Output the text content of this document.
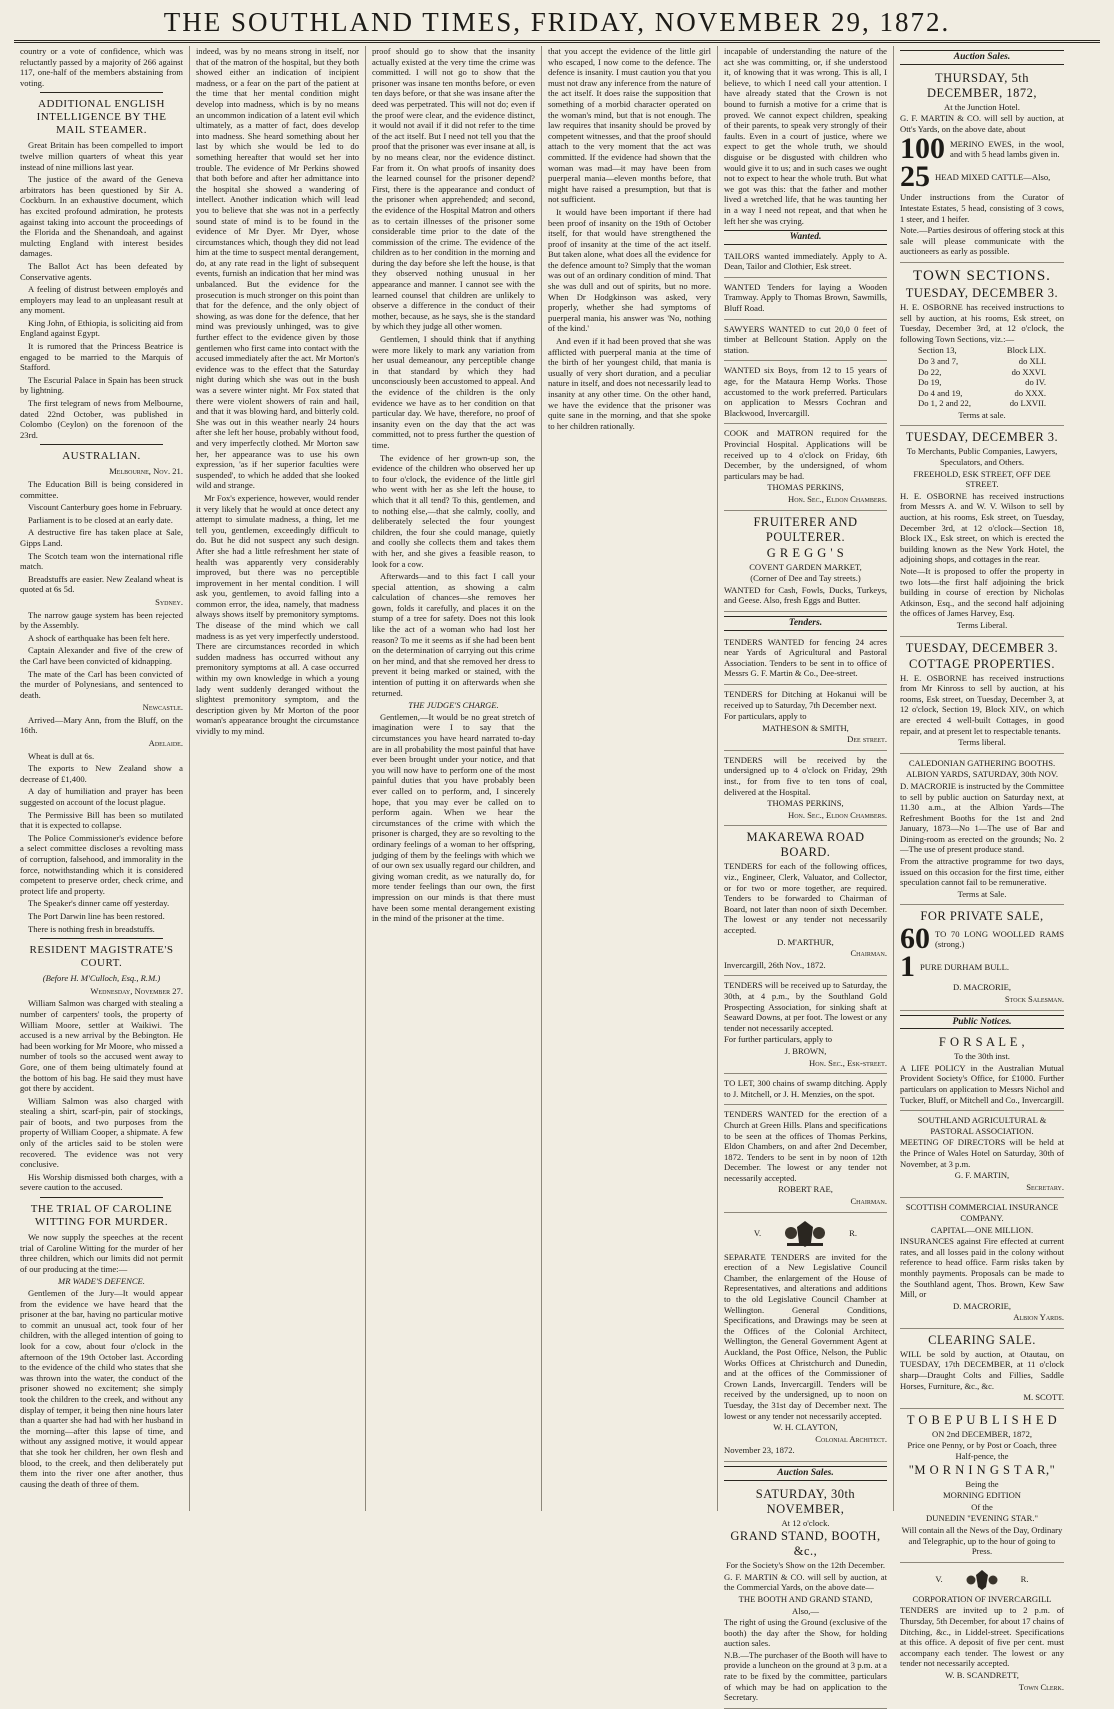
THE SOUTHLAND TIMES, FRIDAY, NOVEMBER 29, 1872.

country or a vote of confidence, which was reluctantly passed by a majority of 266 against 117, one-half of the members abstaining from voting.

ADDITIONAL ENGLISH INTELLIGENCE BY THE MAIL STEAMER.

Great Britain has been compelled to import twelve million quarters of wheat this year instead of nine millions last year.

The justice of the award of the Geneva arbitrators has been questioned by Sir A. Cockburn. In an exhaustive document, which has excited profound admiration, he protests against taking into account the proceedings of the Florida and the Shenandoah, and against mulcting England with interest besides damages.

The Ballot Act has been defeated by Conservative agents.

A feeling of distrust between employés and employers may lead to an unpleasant result at any moment.

King John, of Ethiopia, is soliciting aid from England against Egypt.

It is rumored that the Princess Beatrice is engaged to be married to the Marquis of Stafford.

The Escurial Palace in Spain has been struck by lightning.

The first telegram of news from Melbourne, dated 22nd October, was published in Colombo (Ceylon) on the forenoon of the 23rd.

AUSTRALIAN.
Melbourne, Nov. 21.

The Education Bill is being considered in committee.

Viscount Canterbury goes home in February.

Parliament is to be closed at an early date.

A destructive fire has taken place at Sale, Gipps Land.

The Scotch team won the international rifle match.

Breadstuffs are easier. New Zealand wheat is quoted at 6s 5d.

Sydney.

The narrow gauge system has been rejected by the Assembly.

A shock of earthquake has been felt here.

Captain Alexander and five of the crew of the Carl have been convicted of kidnapping.

The mate of the Carl has been convicted of the murder of Polynesians, and sentenced to death.

Newcastle.

Arrived—Mary Ann, from the Bluff, on the 16th.

Adelaide.

Wheat is dull at 6s.

The exports to New Zealand show a decrease of £1,400.

A day of humiliation and prayer has been suggested on account of the locust plague.

The Permissive Bill has been so mutilated that it is expected to collapse.

The Police Commissioner's evidence before a select committee discloses a revolting mass of corruption, falsehood, and immorality in the force, notwithstanding which it is considered competent to preserve order, check crime, and protect life and property.

The Speaker's dinner came off yesterday.

The Port Darwin line has been restored.

There is nothing fresh in breadstuffs.

RESIDENT MAGISTRATE'S COURT.
(Before H. M'Culloch, Esq., R.M.)
Wednesday, November 27.

William Salmon was charged with stealing a number of carpenters' tools, the property of William Moore, settler at Waikiwi. The accused is a new arrival by the Bebington. He had been working for Mr Moore, who missed a number of tools so the accused went away to Gore, one of them being ultimately found at the bottom of his bag. He said they must have got there by accident.

William Salmon was also charged with stealing a shirt, scarf-pin, pair of stockings, pair of boots, and two purposes from the property of William Cooper, a shipmate. A few only of the articles said to be stolen were recovered. The evidence was not very conclusive.

His Worship dismissed both charges, with a severe caution to the accused.

THE TRIAL OF CAROLINE WITTING FOR MURDER.

We now supply the speeches at the recent trial of Caroline Witting for the murder of her three children, which our limits did not permit of our producing at the time:—

MR WADE'S DEFENCE.

Gentlemen of the Jury—It would appear from the evidence we have heard that the prisoner at the bar, having no particular motive to commit an unusual act, took four of her children, with the alleged intention of going to look for a cow, about four o'clock in the afternoon of the 19th October last. According to the evidence of the child who states that she was thrown into the water, the conduct of the prisoner showed no excitement; she simply took the children to the creek, and without any display of temper, it being then nine hours later than a quarter she had had with her husband in the morning—after this lapse of time, and without any assigned motive, it would appear that she took her children, her own flesh and blood, to the creek, and then deliberately put them into the river one after another, thus causing the death of three of them.

indeed, was by no means strong in itself, nor that of the matron of the hospital, but they both showed either an indication of incipient madness, or a fear on the part of the patient at the time that her mental condition might develop into madness, which is by no means an uncommon indication of a latent evil which ultimately, as a matter of fact, does develop into madness. She heard something about her last by which she would be led to do something hereafter that would set her into trouble. The evidence of Mr Perkins showed that both before and after her admittance into the hospital she showed a wandering of intellect. Another indication which will lead you to believe that she was not in a perfectly sound state of mind is to be found in the evidence of Mr Dyer. Mr Dyer, whose circumstances which, though they did not lead him at the time to suspect mental derangement, do, at any rate read in the light of subsequent events, furnish an indication that her mind was unbalanced. But the evidence for the prosecution is much stronger on this point than that for the defence, and the only object of showing, as was done for the defence, that her mind was previously unhinged, was to give further effect to the evidence given by those gentlemen who first came into contact with the accused immediately after the act. Mr Morton's evidence was to the effect that the Saturday night during which she was out in the bush was a severe winter night. Mr Fox stated that there were violent showers of rain and hail, and that it was blowing hard, and bitterly cold. She was out in this weather nearly 24 hours after she left her house, probably without food, and very imperfectly clothed. Mr Morton saw her, her appearance was to use his own expression, 'as if her superior faculties were suspended', to which he added that she looked wild and strange.

Mr Fox's experience, however, would render it very likely that he would at once detect any attempt to simulate madness, a thing, let me tell you, gentlemen, exceedingly difficult to do. But he did not suspect any such design. After she had a little refreshment her state of health was apparently very considerably improved, but there was no perceptible improvement in her mental condition. I will ask you, gentlemen, to avoid falling into a common error, the idea, namely, that madness always shows itself by premonitory symptoms. The disease of the mind which we call madness is as yet very imperfectly understood. There are circumstances recorded in which sudden madness has occurred without any premonitory symptoms at all. A case occurred within my own knowledge in which a young lady went suddenly deranged without the slightest premonitory symptom, and the description given by Mr Morton of the poor woman's appearance brought the circumstance vividly to my mind.

proof should go to show that the insanity actually existed at the very time the crime was committed. I will not go to show that the prisoner was insane ten months before, or even ten days before, or that she was insane after the deed was perpetrated. This will not do; even if the proof were clear, and the evidence distinct, it would not avail if it did not refer to the time of the act itself. But I need not tell you that the proof that the prisoner was ever insane at all, is by no means clear, nor the evidence distinct. Far from it. On what proofs of insanity does the learned counsel for the prisoner depend? First, there is the appearance and conduct of the prisoner when apprehended; and second, the evidence of the Hospital Matron and others as to certain illnesses of the prisoner some considerable time prior to the date of the commission of the crime. The evidence of the children as to her condition in the morning and during the day before she left the house, is that they observed nothing unusual in her appearance and manner. I cannot see with the learned counsel that children are unlikely to observe a difference in the conduct of their mother, because, as he says, she is the standard by which they judge all other women.

Gentlemen, I should think that if anything were more likely to mark any variation from her usual demeanour, any perceptible change in that standard by which they had unconsciously been accustomed to appeal. And the evidence of the children is the only evidence we have as to her condition on that particular day. We have, therefore, no proof of insanity even on the day that the act was committed, not to press further the question of time.

The evidence of her grown-up son, the evidence of the children who observed her up to four o'clock, the evidence of the little girl who went with her as she left the house, to which that it all tend? To this, gentlemen, and to nothing else,—that she calmly, coolly, and deliberately selected the four youngest children, the four she could manage, quietly and coolly she collects them and takes them with her, and she gives a feasible reason, to look for a cow.

Afterwards—and to this fact I call your special attention, as showing a calm calculation of chances—she removes her gown, folds it carefully, and places it on the stump of a tree for safety. Does not this look like the act of a woman who had lost her reason? To me it seems as if she had been bent on the determination of carrying out this crime on her mind, and that she removed her dress to prevent it being marked or stained, with the intention of putting it on afterwards when she returned.

THE JUDGE'S CHARGE.

Gentlemen,—It would be no great stretch of imagination were I to say that the circumstances you have heard narrated to-day are in all probability the most painful that have ever been brought under your notice, and that you will now have to perform one of the most painful duties that you have probably been ever called on to perform, and, I sincerely hope, that you may ever be called on to perform again. When we hear the circumstances of the crime with which the prisoner is charged, they are so revolting to the ordinary feelings of a woman to her offspring, judging of them by the feelings with which we of our own sex usually regard our children, and giving woman credit, as we naturally do, for more tender feelings than our own, the first impression on our minds is that there must have been some mental derangement existing in the mind of the prisoner at the time.

that you accept the evidence of the little girl who escaped, I now come to the defence. The defence is insanity. I must caution you that you must not draw any inference from the nature of the act itself. It does raise the supposition that something of a morbid character operated on the woman's mind, but that is not enough. The law requires that insanity should be proved by competent witnesses, and that the proof should attach to the very moment that the act was committed. If the evidence had shown that the woman was mad—it may have been from puerperal mania—eleven months before, that might have raised a presumption, but that is not sufficient.

It would have been important if there had been proof of insanity on the 19th of October itself, for that would have strengthened the proof of insanity at the time of the act itself. But taken alone, what does all the evidence for the defence amount to? Simply that the woman was out of an ordinary condition of mind. That she was dull and out of spirits, but no more. When Dr Hodgkinson was asked, very properly, whether she had symptoms of puerperal mania, his answer was 'No, nothing of the kind.'

And even if it had been proved that she was afflicted with puerperal mania at the time of the birth of her youngest child, that mania is usually of very short duration, and a peculiar nature in itself, and does not necessarily lead to insanity at any other time. On the other hand, we have the evidence that the prisoner was quite sane in the morning, and that she spoke to her children rationally.

incapable of understanding the nature of the act she was committing, or, if she understood it, of knowing that it was wrong. This is all, I believe, to which I need call your attention. I have already stated that the Crown is not bound to furnish a motive for a crime that is proved. We cannot expect children, speaking of their parents, to speak very strongly of their faults. Even in a court of justice, where we expect to get the whole truth, we should disguise or be disgusted with children who would give it to us; and in such cases we ought not to expect to hear the whole truth. But what we got was this: that the father and mother lived a wretched life, that he was taunting her in a way I need not repeat, and that when he left her she was crying.

Wanted.

TAILORS wanted immediately. Apply to A. Dean, Tailor and Clothier, Esk street.

WANTED Tenders for laying a Wooden Tramway. Apply to Thomas Brown, Sawmills, Bluff Road.

SAWYERS WANTED to cut 20,0 0 feet of timber at Bellcount Station. Apply on the station.

WANTED six Boys, from 12 to 15 years of age, for the Mataura Hemp Works. Those accustomed to the work preferred. Particulars on application to Messrs Cochran and Blackwood, Invercargill.

COOK and MATRON required for the Provincial Hospital. Applications will be received up to 4 o'clock on Friday, 6th December, by the undersigned, of whom particulars may be had.

THOMAS PERKINS,

Hon. Sec., Eldon Chambers.

FRUITERER AND POULTERER.

G R E G G ' S

COVENT GARDEN MARKET,

(Corner of Dee and Tay streets.)

WANTED for Cash, Fowls, Ducks, Turkeys, and Geese. Also, fresh Eggs and Butter.

Tenders.

TENDERS WANTED for fencing 24 acres near Yards of Agricultural and Pastoral Association. Tenders to be sent in to office of Messrs G. F. Martin & Co., Dee-street.

TENDERS for Ditching at Hokanui will be received up to Saturday, 7th December next.

For particulars, apply to

MATHESON & SMITH,

Dee street.

TENDERS will be received by the undersigned up to 4 o'clock on Friday, 29th inst., for from five to ten tons of coal, delivered at the Hospital.

THOMAS PERKINS,

Hon. Sec., Eldon Chambers.

MAKAREWA ROAD BOARD.

TENDERS for each of the following offices, viz., Engineer, Clerk, Valuator, and Collector, or for two or more together, are required. Tenders to be forwarded to Chairman of Board, not later than noon of sixth December. The lowest or any tender not necessarily accepted.

D. M'ARTHUR,

Chairman.

Invercargill, 26th Nov., 1872.

TENDERS will be received up to Saturday, the 30th, at 4 p.m., by the Southland Gold Prospecting Association, for sinking shaft at Seaward Downs, at per foot. The lowest or any tender not necessarily accepted.

For further particulars, apply to

J. BROWN,

Hon. Sec., Esk-street.

TO LET, 300 chains of swamp ditching. Apply to J. Mitchell, or J. H. Menzies, on the spot.

TENDERS WANTED for the erection of a Church at Green Hills. Plans and specifications to be seen at the offices of Thomas Perkins, Eldon Chambers, on and after 2nd December, 1872. Tenders to be sent in by noon of 12th December. The lowest or any tender not necessarily accepted.

ROBERT RAE,

Chairman.

V.	R.

SEPARATE TENDERS are invited for the erection of a New Legislative Council Chamber, the enlargement of the House of Representatives, and alterations and additions to the old Legislative Council Chamber at Wellington. General Conditions, Specifications, and Drawings may be seen at the Offices of the Colonial Architect, Wellington, the General Government Agent at Auckland, the Post Office, Nelson, the Public Works Offices at Christchurch and Dunedin, and at the offices of the Commissioner of Crown Lands, Invercargill. Tenders will be received by the undersigned, up to noon on Tuesday, the 31st day of December next. The lowest or any tender not necessarily accepted.

W. H. CLAYTON,

Colonial Architect.

November 23, 1872.

Auction Sales.

SATURDAY, 30th NOVEMBER,

At 12 o'clock.

GRAND STAND, BOOTH, &c.,

For the Society's Show on the 12th December.

G. F. MARTIN & CO. will sell by auction, at the Commercial Yards, on the above date—

THE BOOTH AND GRAND STAND,

Also,—

The right of using the Ground (exclusive of the booth) the day after the Show, for holding auction sales.

N.B.—The purchaser of the Booth will have to provide a luncheon on the ground at 3 p.m. at a rate to be fixed by the committee, particulars of which may be had on application to the Secretary.

Auction Sales.

THURSDAY, 5th DECEMBER, 1872,

At the Junction Hotel.

G. F. MARTIN & CO. will sell by auction, at Ott's Yards, on the above date, about

100 MERINO EWES, in the wool, and with 5 head lambs given in.
25 HEAD MIXED CATTLE—Also,

Under instructions from the Curator of Intestate Estates, 5 head, consisting of 3 cows, 1 steer, and 1 heifer.

Note.—Parties desirous of offering stock at this sale will please communicate with the auctioneers as early as possible.

TOWN SECTIONS.

TUESDAY, DECEMBER 3.

H. E. OSBORNE has received instructions to sell by auction, at his rooms, Esk street, on Tuesday, December 3rd, at 12 o'clock, the following Town Sections, viz.:—

Section 13,	Block LIX.
Do 3 and 7,	do XLI.
Do 22,	do XXVI.
Do 19,	do IV.
Do 4 and 19,	do XXX.
Do 1, 2 and 22,	do LXVII.

Terms at sale.

TUESDAY, DECEMBER 3.

To Merchants, Public Companies, Lawyers, Speculators, and Others.

FREEHOLD, ESK STREET, OFF DEE STREET.

H. E. OSBORNE has received instructions from Messrs A. and W. V. Wilson to sell by auction, at his rooms, Esk street, on Tuesday, December 3rd, at 12 o'clock—Section 18, Block IX., Esk street, on which is erected the building known as the New York Hotel, the adjoining shops, and cottages in the rear.

Note—It is proposed to offer the property in two lots—the first half adjoining the brick building in course of erection by Nicholas Atkinson, Esq., and the second half adjoining the offices of James Harvey, Esq.

Terms Liberal.

TUESDAY, DECEMBER 3.

COTTAGE PROPERTIES.

H. E. OSBORNE has received instructions from Mr Kinross to sell by auction, at his rooms, Esk street, on Tuesday, December 3, at 12 o'clock, Section 19, Block XIV., on which are erected 4 well-built Cottages, in good repair, and at present let to respectable tenants.

Terms liberal.

CALEDONIAN GATHERING BOOTHS.

ALBION YARDS, SATURDAY, 30th NOV.

D. MACRORIE is instructed by the Committee to sell by public auction on Saturday next, at 11.30 a.m., at the Albion Yards—The Refreshment Booths for the 1st and 2nd January, 1873—No 1—The use of Bar and Dining-room as erected on the grounds; No. 2—The use of present produce stand.

From the attractive programme for two days, issued on this occasion for the first time, either speculation cannot fail to be remunerative.

Terms at Sale.

FOR PRIVATE SALE,

60 TO 70 LONG WOOLLED RAMS (strong.)
1 PURE DURHAM BULL.

D. MACRORIE,

Stock Salesman.

Public Notices.

F O R S A L E ,

To the 30th inst.

A LIFE POLICY in the Australian Mutual Provident Society's Office, for £1000. Further particulars on application to Messrs Nichol and Tucker, Bluff, or Mitchell and Co., Invercargill.

SOUTHLAND AGRICULTURAL & PASTORAL ASSOCIATION.

MEETING OF DIRECTORS will be held at the Prince of Wales Hotel on Saturday, 30th of November, at 3 p.m.

G. F. MARTIN,

Secretary.

SCOTTISH COMMERCIAL INSURANCE COMPANY.

CAPITAL—ONE MILLION.

INSURANCES against Fire effected at current rates, and all losses paid in the colony without reference to head office. Farm risks taken by monthly payments. Proposals can be made to the Southland agent, Thos. Brown, Kew Saw Mill, or

D. MACRORIE,

Albion Yards.

CLEARING SALE.

WILL be sold by auction, at Otautau, on TUESDAY, 17th DECEMBER, at 11 o'clock sharp—Draught Colts and Fillies, Saddle Horses, Furniture, &c., &c.

M. SCOTT.

T O B E P U B L I S H E D

ON 2nd DECEMBER, 1872,

Price one Penny, or by Post or Coach, three Half-pence, the

"M O R N I N G S T A R,"

Being the

MORNING EDITION

Of the

DUNEDIN "EVENING STAR."

Will contain all the News of the Day, Ordinary and Telegraphic, up to the hour of going to Press.

V.	R.

CORPORATION OF INVERCARGILL

TENDERS are invited up to 2 p.m. of Thursday, 5th December, for about 17 chains of Ditching, &c., in Liddel-street. Specifications at this office. A deposit of five per cent. must accompany each tender. The lowest or any tender not necessarily accepted.

W. B. SCANDRETT,

Town Clerk.
